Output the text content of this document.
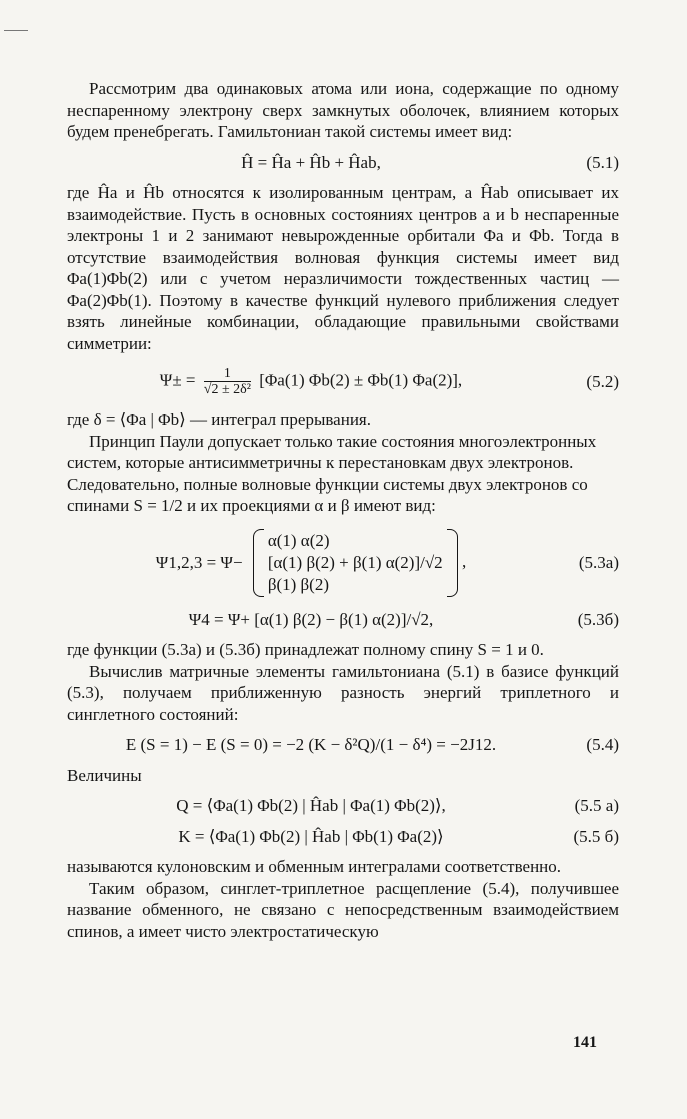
Рассмотрим два одинаковых атома или иона, содержащие по одному неспаренному электрону сверх замкнутых оболочек, влиянием которых будем пренебрегать. Гамильтониан такой системы имеет вид:

Ĥ = Ĥa + Ĥb + Ĥab,	(5.1)

где Ĥa и Ĥb относятся к изолированным центрам, а Ĥab описывает их взаимодействие. Пусть в основных состояниях центров a и b неспаренные электроны 1 и 2 занимают невырожденные орбитали Φa и Φb. Тогда в отсутствие взаимодействия волновая функция системы имеет вид Φa(1)Φb(2) или с учетом неразличимости тождественных частиц — Φa(2)Φb(1). Поэтому в качестве функций нулевого приближения следует взять линейные комбинации, обладающие правильными свойствами симметрии:

$\Psi\pm = \frac{1}{\text{√2 ± 2δ²}} [\Phi a(1) \Phi b(2) \pm \Phi b(1)$ Φa(2)],	(5.2)

где δ = ⟨Φa | Φb⟩ — интеграл прерывания.

Принцип Паули допускает только такие состояния многоэлектронных систем, которые антисимметричны к перестановкам двух электронов. Следовательно, полные волновые функции системы двух электронов со спинами S = 1/2 и их проекциями α и β имеют вид:

Ψ1,2,3 = Ψ−
α(1) α(2)
[α(1) β(2) + β(1) α(2)]/√2
β(1) β(2)
,	(5.3a)
Ψ4 = Ψ+ [α(1) β(2) − β(1) α(2)]/√2,	(5.3б)

где функции (5.3a) и (5.3б) принадлежат полному спину S = 1 и 0.

Вычислив матричные элементы гамильтониана (5.1) в базисе функций (5.3), получаем приближенную разность энергий триплетного и синглетного состояний:

E (S = 1) − E (S = 0) = −2 (K − δ²Q)/(1 − δ⁴) = −2J12.	(5.4)

Величины

Q = ⟨Φa(1) Φb(2) | Ĥab | Φa(1) Φb(2)⟩,	(5.5 a)
K = ⟨Φa(1) Φb(2) | Ĥab | Φb(1) Φa(2)⟩	(5.5 б)

называются кулоновским и обменным интегралами соответственно.

Таким образом, синглет-триплетное расщепление (5.4), получившее название обменного, не связано с непосредственным взаимодействием спинов, а имеет чисто электростатическую

141
